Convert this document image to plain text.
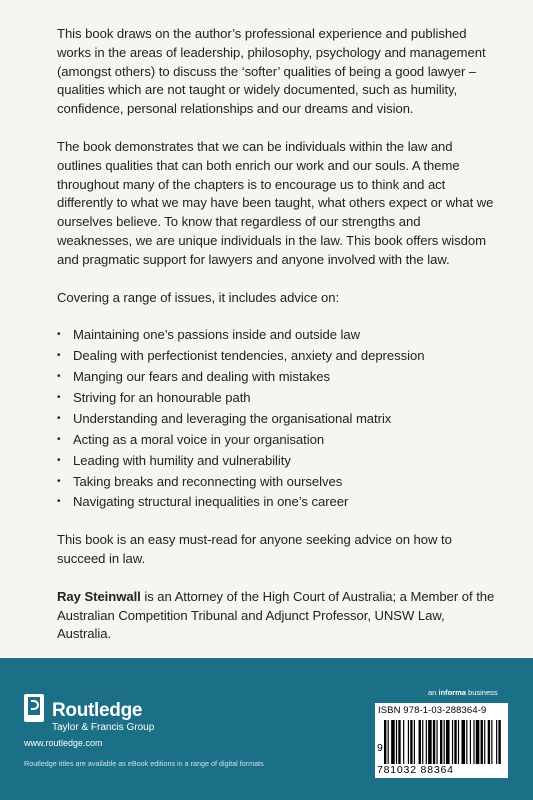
This book draws on the author’s professional experience and published works in the areas of leadership, philosophy, psychology and management (amongst others) to discuss the ‘softer’ qualities of being a good lawyer – qualities which are not taught or widely documented, such as humility, confidence, personal relationships and our dreams and vision.

The book demonstrates that we can be individuals within the law and outlines qualities that can both enrich our work and our souls. A theme throughout many of the chapters is to encourage us to think and act differently to what we may have been taught, what others expect or what we ourselves believe. To know that regardless of our strengths and weaknesses, we are unique individuals in the law. This book offers wisdom and pragmatic support for lawyers and anyone involved with the law.

Covering a range of issues, it includes advice on:

• Maintaining one’s passions inside and outside law
• Dealing with perfectionist tendencies, anxiety and depression
• Manging our fears and dealing with mistakes
• Striving for an honourable path
• Understanding and leveraging the organisational matrix
• Acting as a moral voice in your organisation
• Leading with humility and vulnerability
• Taking breaks and reconnecting with ourselves
• Navigating structural inequalities in one’s career

This book is an easy must-read for anyone seeking advice on how to succeed in law.

Ray Steinwall is an Attorney of the High Court of Australia; a Member of the Australian Competition Tribunal and Adjunct Professor, UNSW Law, Australia.

Routledge
Taylor & Francis Group
www.routledge.com
Routledge titles are available as eBook editions in a range of digital formats
an informa business
ISBN 978-1-03-288364-9
9
781032 88364
